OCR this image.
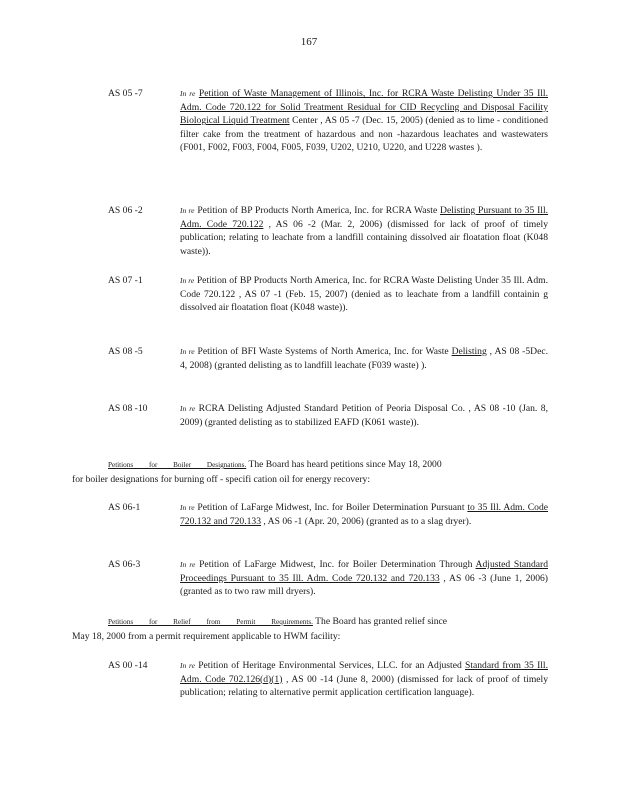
167
AS 05 -7	In re Petition of Waste Management of Illinois, Inc. for RCRA Waste Delisting Under 35 Ill. Adm. Code 720.122 for Solid Treatment Residual for CID Recycling and Disposal Facility Biological Liquid Treatment Center , AS 05 -7 (Dec. 15, 2005) (denied as to lime - conditioned filter cake from the treatment of hazardous and non -hazardous leachates and wastewaters (F001, F002, F003, F004, F005, F039, U202, U210, U220, and U228 wastes ).
AS 06 -2	In re Petition of BP Products North America, Inc. for RCRA Waste Delisting Pursuant to 35 Ill. Adm. Code 720.122 , AS 06 -2 (Mar. 2, 2006) (dismissed for lack of proof of timely publication; relating to leachate from a landfill containing dissolved air floatation float (K048 waste)).
AS 07 -1	In re Petition of BP Products North America, Inc. for RCRA Waste Delisting Under 35 Ill. Adm. Code 720.122 , AS 07 -1 (Feb. 15, 2007) (denied as to leachate from a landfill containin g dissolved air floatation float (K048 waste)).
AS 08 -5	In re Petition of BFI Waste Systems of North America, Inc. for Waste Delisting , AS 08 -5Dec. 4, 2008) (granted delisting as to landfill leachate (F039 waste) ).
AS 08 -10	In re RCRA Delisting Adjusted Standard Petition of Peoria Disposal Co. , AS 08 -10 (Jan. 8, 2009) (granted delisting as to stabilized EAFD (K061 waste)).
Petitions for Boiler Designations. The Board has heard petitions since May 18, 2000
for boiler designations for burning off - specifi cation oil for energy recovery:
AS 06-1	In re Petition of LaFarge Midwest, Inc. for Boiler Determination Pursuant to 35 Ill. Adm. Code 720.132 and 720.133 , AS 06 -1 (Apr. 20, 2006) (granted as to a slag dryer).
AS 06-3	In re Petition of LaFarge Midwest, Inc. for Boiler Determination Through Adjusted Standard Proceedings Pursuant to 35 Ill. Adm. Code 720.132 and 720.133 , AS 06 -3 (June 1, 2006) (granted as to two raw mill dryers).
Petitions for Relief from Permit Requirements. The Board has granted relief since
May 18, 2000 from a permit requirement applicable to HWM facility:
AS 00 -14	In re Petition of Heritage Environmental Services, LLC. for an Adjusted Standard from 35 Ill. Adm. Code 702.126(d)(1) , AS 00 -14 (June 8, 2000) (dismissed for lack of proof of timely publication; relating to alternative permit application certification language).
